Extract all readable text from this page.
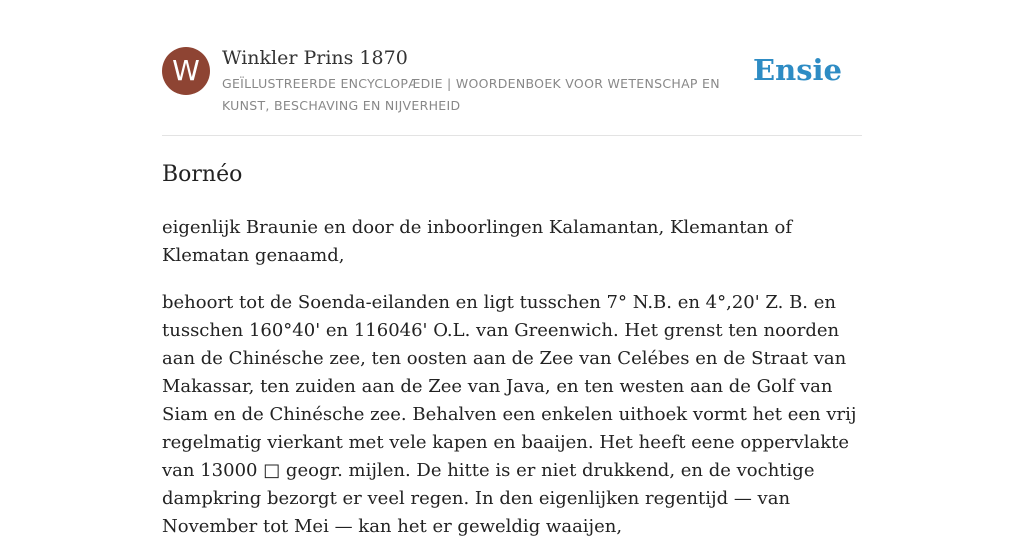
W	Winkler Prins 1870
GEÏLLUSTREERDE ENCYCLOPÆDIE | WOORDENBOEK VOOR WETENSCHAP EN KUNST, BESCHAVING EN NIJVERHEID
Ensie
Bornéo

eigenlijk Braunie en door de inboorlingen Kalamantan, Klemantan of Klematan genaamd,

behoort tot de Soenda-eilanden en ligt tusschen 7° N.B. en 4°,20' Z. B. en tusschen 160°40' en 116046' O.L. van Greenwich. Het grenst ten noorden aan de Chinésche zee, ten oosten aan de Zee van Celébes en de Straat van Makassar, ten zuiden aan de Zee van Java, en ten westen aan de Golf van Siam en de Chinésche zee. Behalven een enkelen uithoek vormt het een vrij regelmatig vierkant met vele kapen en baaijen. Het heeft eene oppervlakte van 13000 □ geogr. mijlen. De hitte is er niet drukkend, en de vochtige dampkring bezorgt er veel regen. In den eigenlijken regentijd — van November tot Mei — kan het er geweldig waaijen,
